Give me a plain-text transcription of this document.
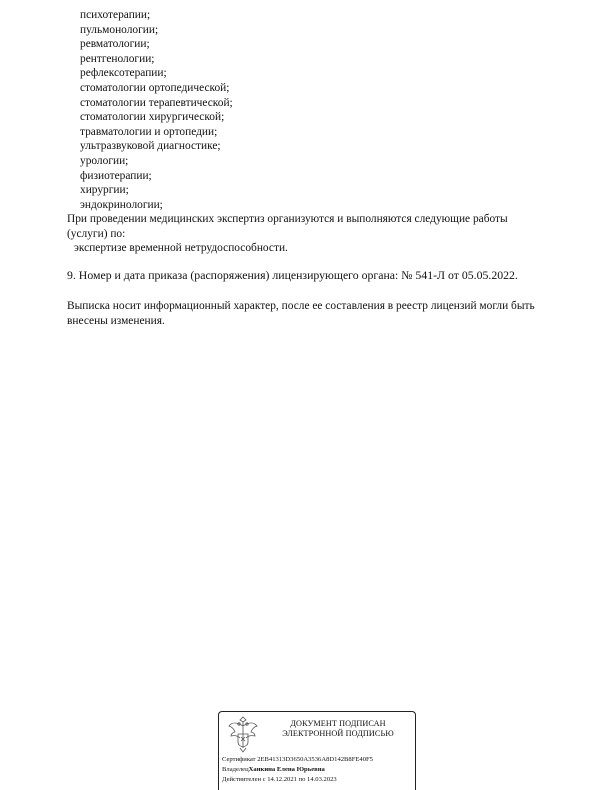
психотерапии;
пульмонологии;
ревматологии;
рентгенологии;
рефлексотерапии;
стоматологии ортопедической;
стоматологии терапевтической;
стоматологии хирургической;
травматологии и ортопедии;
ультразвуковой диагностике;
урологии;
физиотерапии;
хирургии;
эндокринологии;

При проведении медицинских экспертиз организуются и выполняются следующие работы (услуги) по:

экспертизе временной нетрудоспособности.

9. Номер и дата приказа (распоряжения) лицензирующего органа: № 541-Л от 05.05.2022.

Выписка носит информационный характер, после ее составления в реестр лицензий могли быть внесены изменения.

ДОКУМЕНТ ПОДПИСАН
ЭЛЕКТРОННОЙ ПОДПИСЬЮ
Сертификат 2EB41313D3650A3536A8D142B8FE40F5
ВладелецХанкина Елена Юрьевна
Действителен с 14.12.2021 по 14.03.2023
